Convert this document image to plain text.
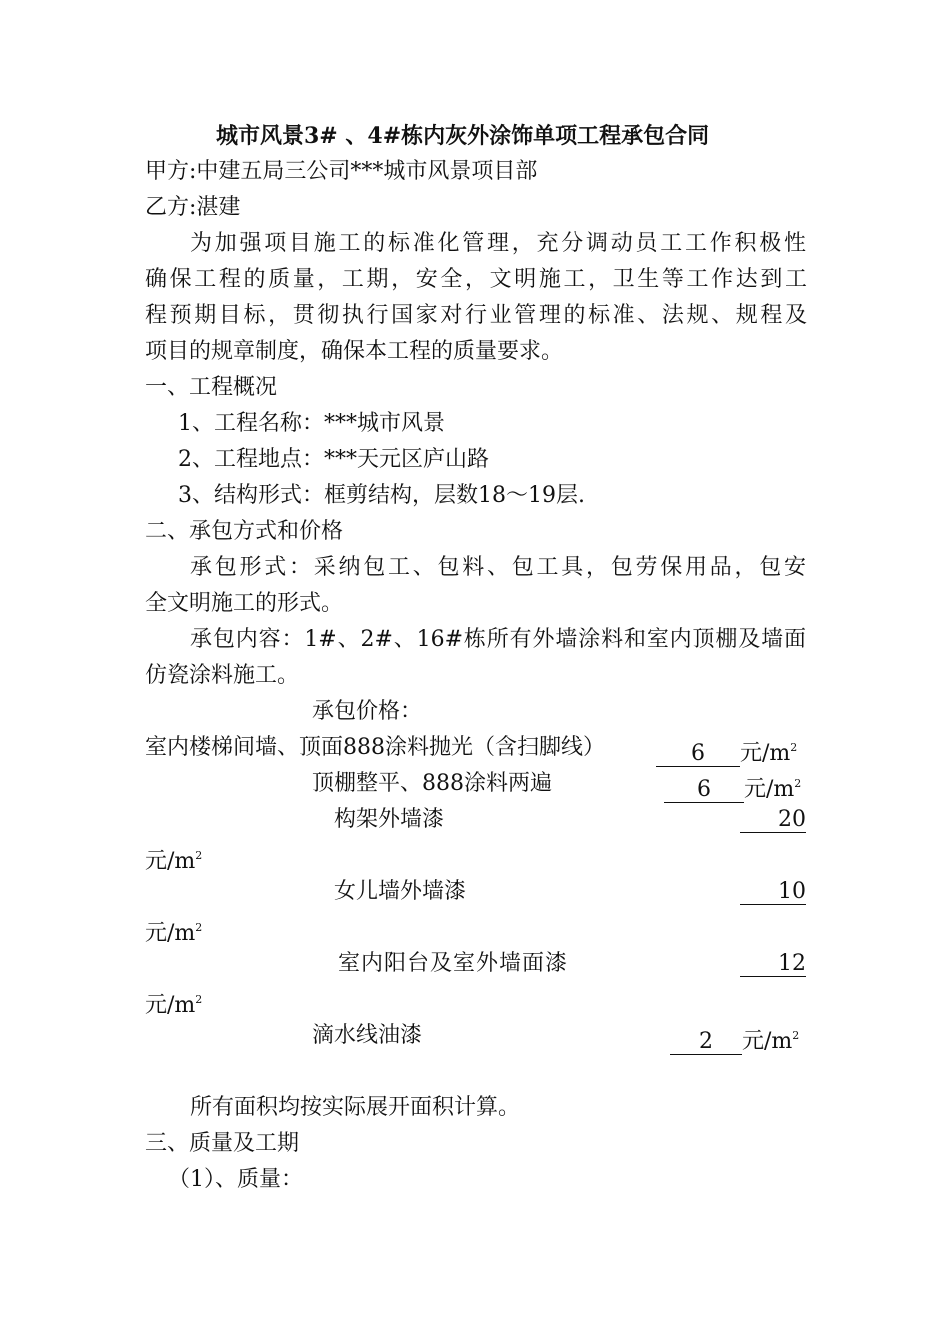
城市风景3# 、4#栋内灰外涂饰单项工程承包合同
甲方:中建五局三公司***城市风景项目部
乙方:湛建
为加强项目施工的标准化管理，充分调动员工工作积极性
确保工程的质量，工期，安全，文明施工，卫生等工作达到工
程预期目标，贯彻执行国家对行业管理的标准、法规、规程及
项目的规章制度，确保本工程的质量要求。
一、工程概况
1、工程名称：***城市风景
2、工程地点：***天元区庐山路
3、结构形式：框剪结构，层数18～19层.
二、承包方式和价格
承包形式：采纳包工、包料、包工具，包劳保用品，包安
全文明施工的形式。
承包内容：1#、2#、16#栋所有外墙涂料和室内顶棚及墙面
仿瓷涂料施工。
承包价格：
室内楼梯间墙、顶面888涂料抛光（含扫脚线）	6 元$/m^2$
顶棚整平、888涂料两遍	6 元$/m^2$
构架外墙漆	20
元$/m^2$
女儿墙外墙漆	10
元$/m^2$
室内阳台及室外墙面漆	12
元$/m^2$
滴水线油漆	2 元$/m^2$
所有面积均按实际展开面积计算。
三、质量及工期
（1）、质量：
